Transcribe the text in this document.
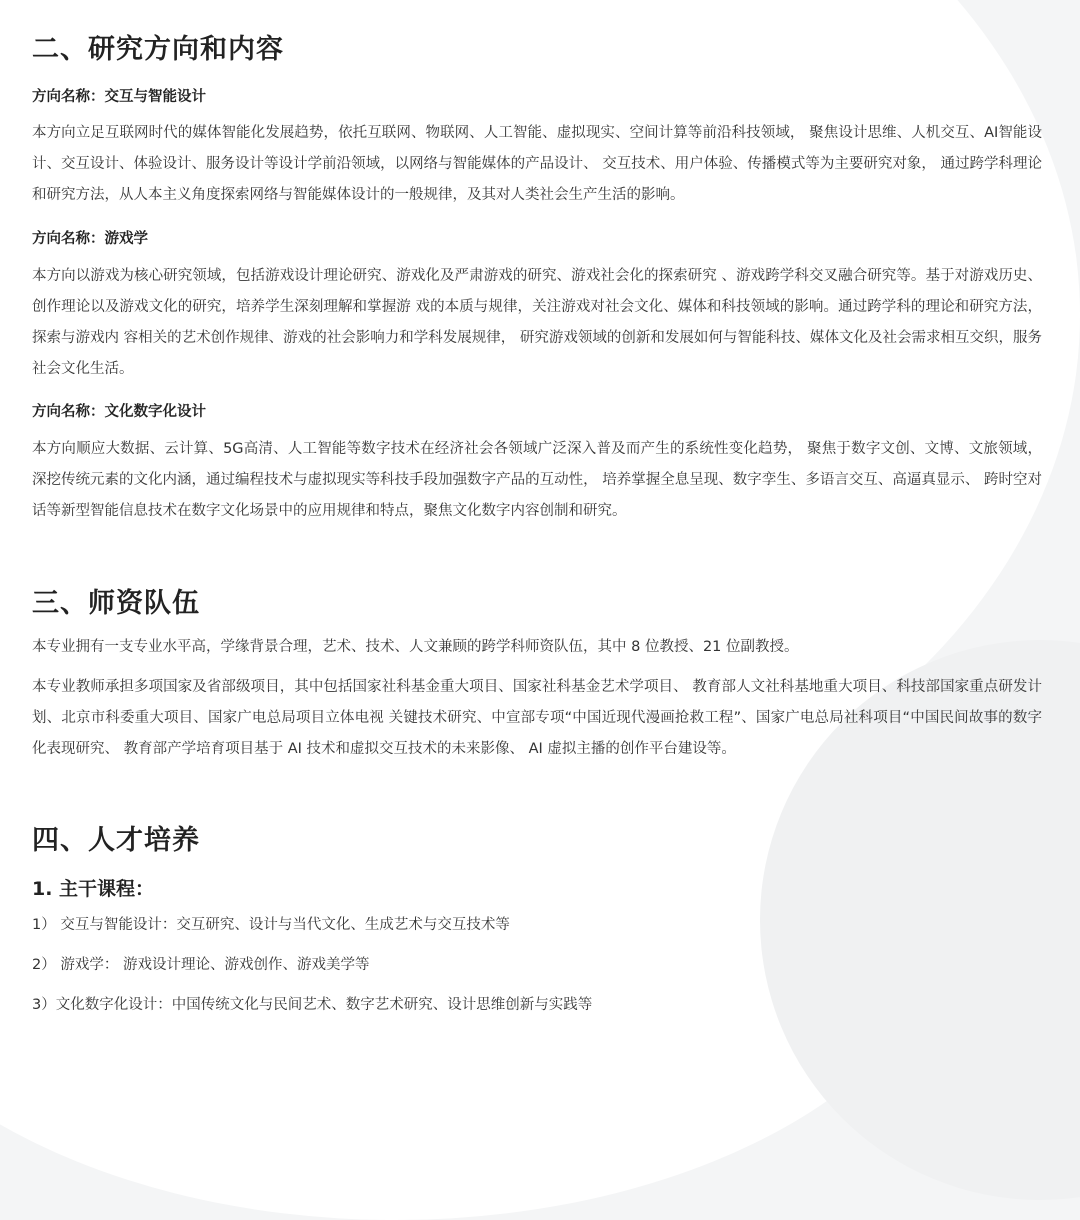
二、研究方向和内容
方向名称：交互与智能设计
本方向立足互联网时代的媒体智能化发展趋势，依托互联网、物联网、人工智能、虚拟现实、空间计算等前沿科技领域， 聚焦设计思维、人机交互、AI智能设计、交互设计、体验设计、服务设计等设计学前沿领域，以网络与智能媒体的产品设计、 交互技术、用户体验、传播模式等为主要研究对象， 通过跨学科理论和研究方法，从人本主义角度探索网络与智能媒体设计的一般规律，及其对人类社会生产生活的影响。
方向名称：游戏学
本方向以游戏为核心研究领域，包括游戏设计理论研究、游戏化及严肃游戏的研究、游戏社会化的探索研究 、游戏跨学科交叉融合研究等。基于对游戏历史、创作理论以及游戏文化的研究，培养学生深刻理解和掌握游 戏的本质与规律，关注游戏对社会文化、媒体和科技领域的影响。通过跨学科的理论和研究方法，探索与游戏内 容相关的艺术创作规律、游戏的社会影响力和学科发展规律， 研究游戏领域的创新和发展如何与智能科技、媒体文化及社会需求相互交织，服务社会文化生活。
方向名称：文化数字化设计
本方向顺应大数据、云计算、5G高清、人工智能等数字技术在经济社会各领域广泛深入普及而产生的系统性变化趋势， 聚焦于数字文创、文博、文旅领域，深挖传统元素的文化内涵，通过编程技术与虚拟现实等科技手段加强数字产品的互动性， 培养掌握全息呈现、数字孪生、多语言交互、高逼真显示、 跨时空对话等新型智能信息技术在数字文化场景中的应用规律和特点，聚焦文化数字内容创制和研究。
三、师资队伍
本专业拥有一支专业水平高，学缘背景合理，艺术、技术、人文兼顾的跨学科师资队伍，其中 8 位教授、21 位副教授。
本专业教师承担多项国家及省部级项目，其中包括国家社科基金重大项目、国家社科基金艺术学项目、 教育部人文社科基地重大项目、科技部国家重点研发计划、北京市科委重大项目、国家广电总局项目立体电视 关键技术研究、中宣部专项“中国近现代漫画抢救工程”、国家广电总局社科项目“中国民间故事的数字化表现研究、 教育部产学培育项目基于 AI 技术和虚拟交互技术的未来影像、 AI 虚拟主播的创作平台建设等。
四、人才培养
1. 主干课程：
1） 交互与智能设计：交互研究、设计与当代文化、生成艺术与交互技术等
2） 游戏学： 游戏设计理论、游戏创作、游戏美学等
3）文化数字化设计：中国传统文化与民间艺术、数字艺术研究、设计思维创新与实践等
